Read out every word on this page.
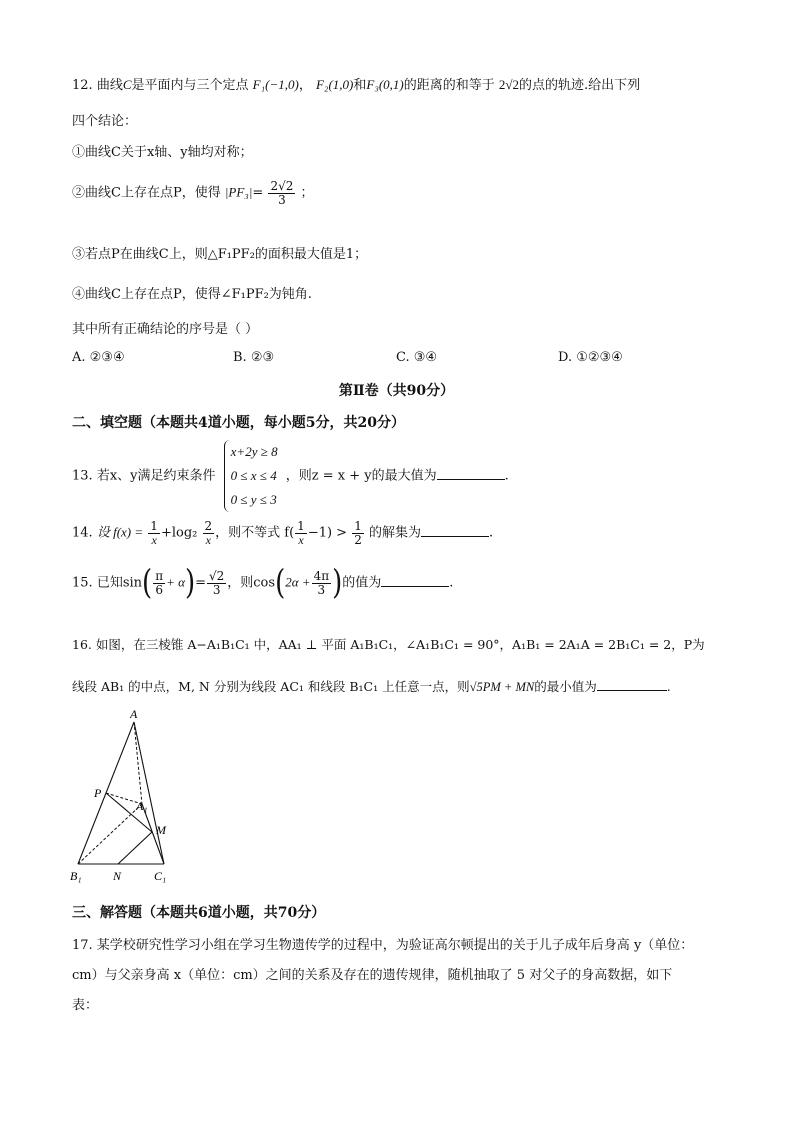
12. 曲线C是平面内与三个定点 F₁(−1,0)， F₂(1,0)和F₃(0,1)的距离的和等于 2√2的点的轨迹.给出下列
四个结论：
①曲线C关于x轴、y轴均对称；
②曲线C上存在点P，使得 $|PF_3|= \frac{2√2}{3}$ ；
③若点P在曲线C上，则△F₁PF₂的面积最大值是1；
④曲线C上存在点P，使得∠F₁PF₂为钝角.
其中所有正确结论的序号是（ ）
A. ②③④	B. ②③	C. ③④	D. ①②③④
第Ⅱ卷（共90分）
二、填空题（本题共4道小题，每小题5分，共20分）
13. 若x、y满足约束条件
x+2y ≥ 8
0 ≤ x ≤ 4
0 ≤ y ≤ 3
，则z = x + y的最大值为	.
14. 设 $f(x) = \frac{1}{x} +\log_2 \frac{2}{x}$ ，则不等式 $f( \frac{1}{x} -1) > \frac{1}{2}$ 的解集为	.
15. 已知$\sin( \frac{\pi}{6} + \alpha)= \frac{√2}{3}$ ，则$\cos(2\alpha + \frac{4\pi}{3}$ )的值为	.
16. 如图，在三棱锥 A−A₁B₁C₁ 中，AA₁ ⊥ 平面 A₁B₁C₁，∠A₁B₁C₁ = 90°，A₁B₁ = 2A₁A = 2B₁C₁ = 2，P为
线段 AB₁ 的中点，M, N 分别为线段 AC₁ 和线段 B₁C₁ 上任意一点，则√5PM + MN的最小值为	.
A
P
A₁
M
B₁	N	C₁
三、解答题（本题共6道小题，共70分）
17. 某学校研究性学习小组在学习生物遗传学的过程中，为验证高尔顿提出的关于儿子成年后身高 y（单位：
cm）与父亲身高 x（单位：cm）之间的关系及存在的遗传规律，随机抽取了 5 对父子的身高数据，如下
表：
